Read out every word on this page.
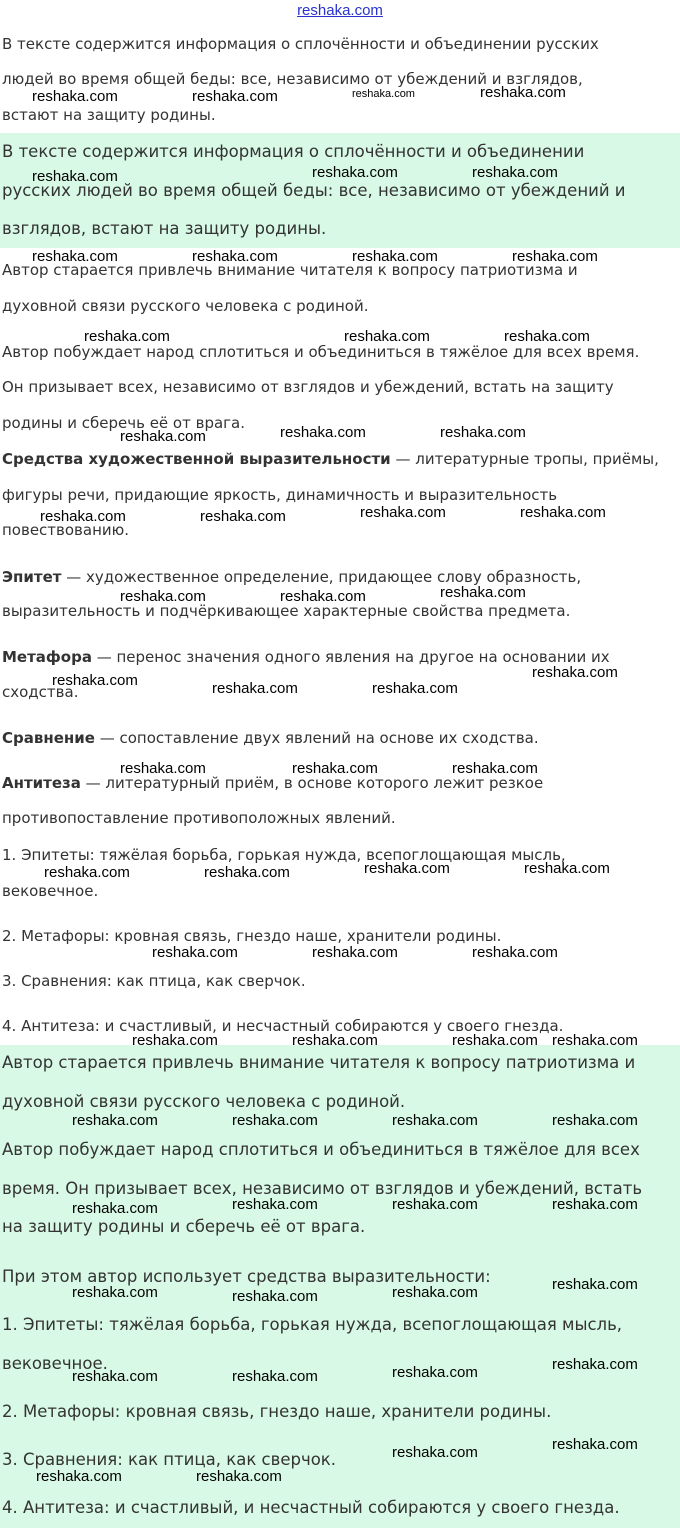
reshaka.com
В тексте содержится информация о сплочённости и объединении русских
людей во время общей беды: все, независимо от убеждений и взглядов,
встают на защиту родины.
В тексте содержится информация о сплочённости и объединении
русских людей во время общей беды: все, независимо от убеждений и
взглядов, встают на защиту родины.
Автор старается привлечь внимание читателя к вопросу патриотизма и
духовной связи русского человека с родиной.
Автор побуждает народ сплотиться и объединиться в тяжёлое для всех время.
Он призывает всех, независимо от взглядов и убеждений, встать на защиту
родины и сберечь её от врага.
Средства художественной выразительности — литературные тропы, приёмы,
фигуры речи, придающие яркость, динамичность и выразительность
повествованию.
Эпитет — художественное определение, придающее слову образность,
выразительность и подчёркивающее характерные свойства предмета.
Метафора — перенос значения одного явления на другое на основании их
сходства.
Сравнение — сопоставление двух явлений на основе их сходства.
Антитеза — литературный приём, в основе которого лежит резкое
противопоставление противоположных явлений.
1. Эпитеты: тяжёлая борьба, горькая нужда, всепоглощающая мысль,
вековечное.
2. Метафоры: кровная связь, гнездо наше, хранители родины.
3. Сравнения: как птица, как сверчок.
4. Антитеза: и счастливый, и несчастный собираются у своего гнезда.
Автор старается привлечь внимание читателя к вопросу патриотизма и
духовной связи русского человека с родиной.
Автор побуждает народ сплотиться и объединиться в тяжёлое для всех
время. Он призывает всех, независимо от взглядов и убеждений, встать
на защиту родины и сберечь её от врага.
При этом автор использует средства выразительности:
1. Эпитеты: тяжёлая борьба, горькая нужда, всепоглощающая мысль,
вековечное.
2. Метафоры: кровная связь, гнездо наше, хранители родины.
3. Сравнения: как птица, как сверчок.
4. Антитеза: и счастливый, и несчастный собираются у своего гнезда.
reshaka.com	reshaka.com	reshaka.com	reshaka.com
reshaka.com	reshaka.com	reshaka.com
reshaka.com	reshaka.com	reshaka.com	reshaka.com
reshaka.com	reshaka.com	reshaka.com
reshaka.com	reshaka.com	reshaka.com
reshaka.com	reshaka.com	reshaka.com	reshaka.com
reshaka.com	reshaka.com	reshaka.com
reshaka.com	reshaka.com	reshaka.com
reshaka.com
reshaka.com	reshaka.com	reshaka.com
reshaka.com	reshaka.com	reshaka.com	reshaka.com
reshaka.com	reshaka.com	reshaka.com
reshaka.com	reshaka.com	reshaka.com reshaka.com
reshaka.com	reshaka.com	reshaka.com	reshaka.com
reshaka.com	reshaka.com	reshaka.com	reshaka.com
reshaka.com
reshaka.com	reshaka.com	reshaka.com
reshaka.com
reshaka.com	reshaka.com	reshaka.com
reshaka.com
reshaka.com
reshaka.com	reshaka.com
